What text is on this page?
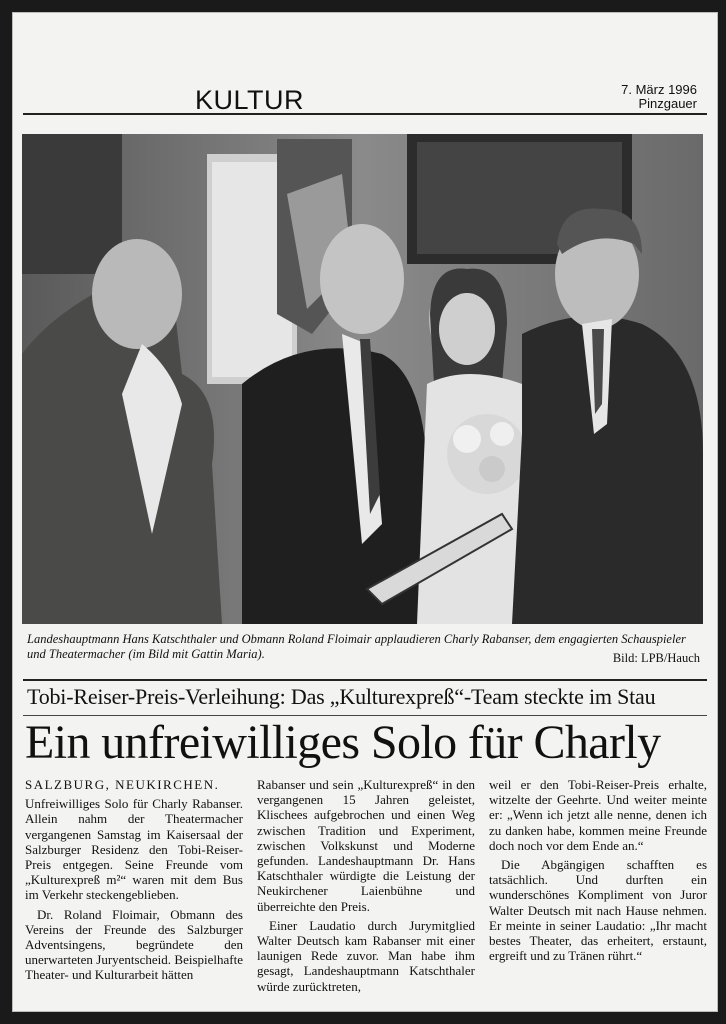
KULTUR	7. März 1996
Pinzgauer
Landeshauptmann Hans Katschthaler und Obmann Roland Floimair applaudieren Charly Rabanser, dem engagierten Schauspieler und Theatermacher (im Bild mit Gattin Maria).	Bild: LPB/Hauch
Tobi-Reiser-Preis-Verleihung: Das „Kulturexpreß“-Team steckte im Stau
Ein unfreiwilliges Solo für Charly

SALZBURG, NEUKIRCHEN.

Unfreiwilliges Solo für Charly Rabanser. Allein nahm der Theatermacher vergangenen Samstag im Kaisersaal der Salzburger Residenz den Tobi-Reiser-Preis entgegen. Seine Freunde vom „Kulturexpreß m²“ waren mit dem Bus im Verkehr steckengeblieben.

Dr. Roland Floimair, Obmann des Vereins der Freunde des Salzburger Adventsingens, begründete den unerwarteten Juryentscheid. Beispielhafte Theater- und Kulturarbeit hätten

Rabanser und sein „Kulturexpreß“ in den vergangenen 15 Jahren geleistet, Klischees aufgebrochen und einen Weg zwischen Tradition und Experiment, zwischen Volkskunst und Moderne gefunden. Landeshauptmann Dr. Hans Katschthaler würdigte die Leistung der Neukirchener Laienbühne und überreichte den Preis.

Einer Laudatio durch Jurymitglied Walter Deutsch kam Rabanser mit einer launigen Rede zuvor. Man habe ihm gesagt, Landeshauptmann Katschthaler würde zurücktreten,

weil er den Tobi-Reiser-Preis erhalte, witzelte der Geehrte. Und weiter meinte er: „Wenn ich jetzt alle nenne, denen ich zu danken habe, kommen meine Freunde doch noch vor dem Ende an.“

Die Abgängigen schafften es tatsächlich. Und durften ein wunderschönes Kompliment von Juror Walter Deutsch mit nach Hause nehmen. Er meinte in seiner Laudatio: „Ihr macht bestes Theater, das erheitert, erstaunt, ergreift und zu Tränen rührt.“
